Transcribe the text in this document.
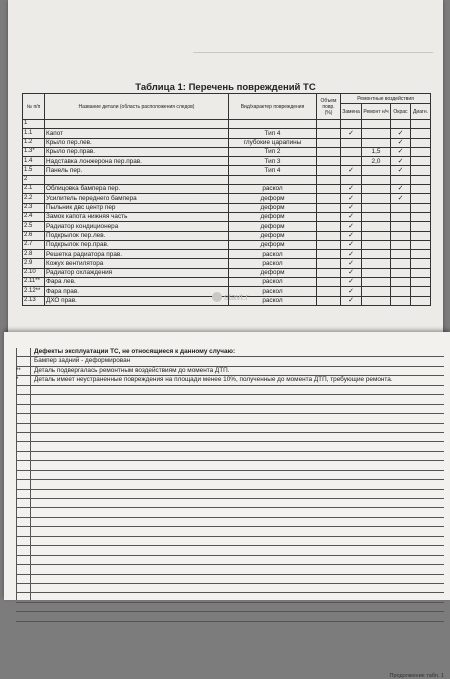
Таблица 1: Перечень повреждений ТС
№ п/п	Название детали (область расположения следов)	Вид/характер повреждения	Объем повр. (%)	Ремонтные воздействия			
				Замена	Ремонт н/ч	Окрас	Диагн.
1							
1.1	Капот	Тип 4		✓		✓	
1.2	Крыло пер.лев.	глубокие царапины				✓	
1.3*	Крыло пер.прав.	Тип 2			1,5	✓	
1.4	Надставка лонжерона пер.прав.	Тип 3			2,0	✓	
1.5	Панель пер.	Тип 4		✓		✓	
2							
2.1	Облицовка бампера пер.	раскол		✓		✓	
2.2	Усилитель переднего бампера	деформ		✓		✓	
2.3	Пыльник двс центр пер	деформ		✓			
2.4	Замок капота нижняя часть	деформ		✓			
2.5	Радиатор кондиционера	деформ		✓			
2.6	Подкрылок пер.лев.	деформ		✓			
2.7	Подкрылок пер.прав.	деформ		✓			
2.8	Решетка радиатора прав.	раскол		✓			
2.9	Кожух вентилятора	раскол		✓			
2.10	Радиатор охлаждения	деформ		✓			
2.11**	Фара лев.	раскол		✓			
2.12**	Фара прав.	раскол		✓			
2.13	ДХО прав.	раскол		✓			
stavt.r
Продолжение табл. 1
Дефекты эксплуатации ТС, не относящиеся к данному случаю:
Бампер задний - деформирован
**	Деталь подвергалась ремонтным воздействиям до момента ДТП.
*	Деталь имеет неустраненные повреждения на площади менее 10%, полученные до момента ДТП, требующие ремонта.
